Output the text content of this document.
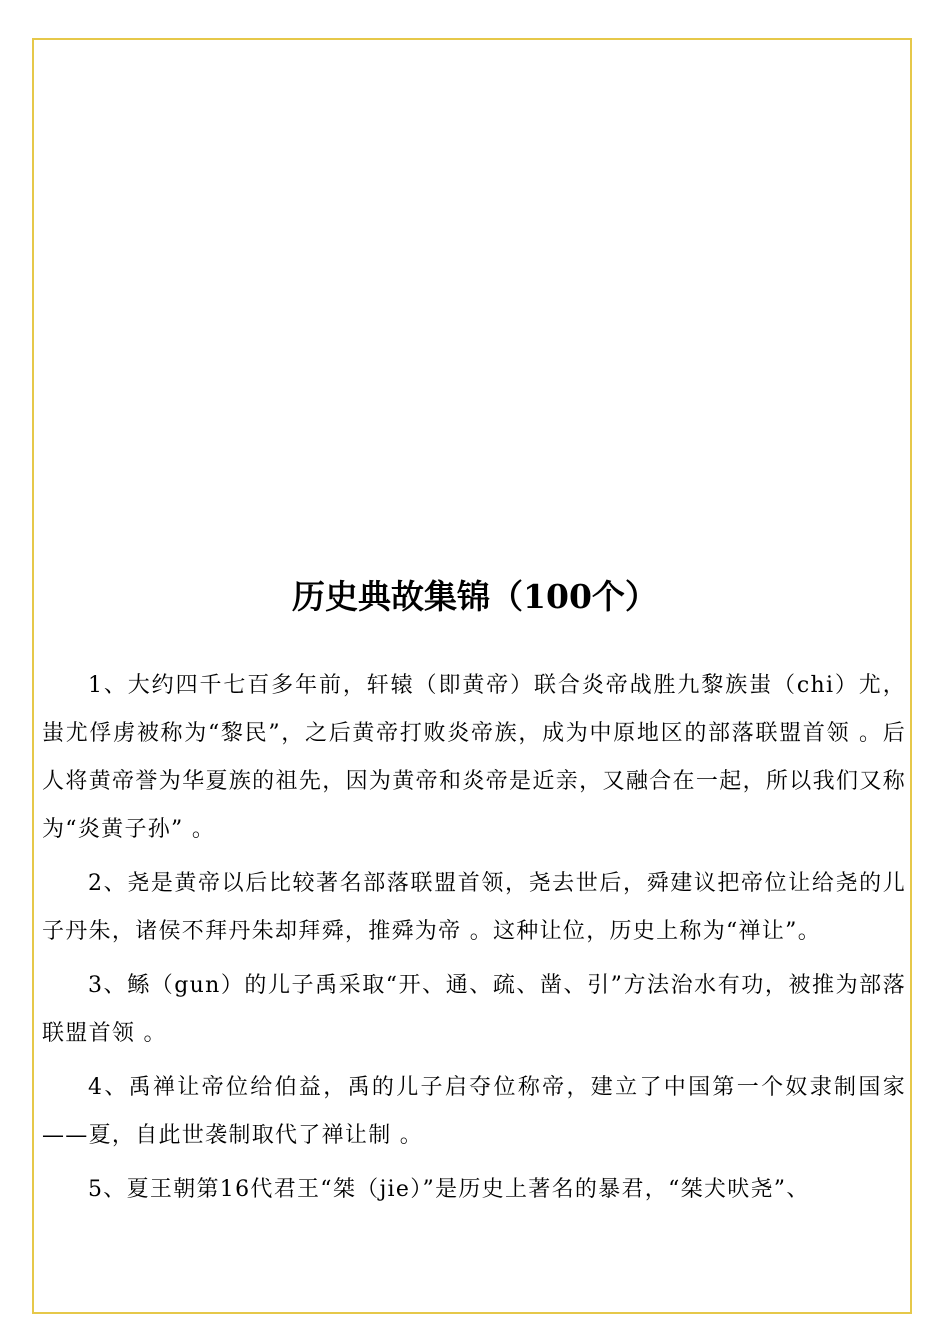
历史典故集锦（100个）

1、大约四千七百多年前，轩辕（即黄帝）联合炎帝战胜九黎族蚩（chi）尤，蚩尤俘虏被称为“黎民”，之后黄帝打败炎帝族，成为中原地区的部落联盟首领 。后人将黄帝誉为华夏族的祖先，因为黄帝和炎帝是近亲，又融合在一起，所以我们又称为“炎黄子孙” 。

2、尧是黄帝以后比较著名部落联盟首领，尧去世后，舜建议把帝位让给尧的儿子丹朱，诸侯不拜丹朱却拜舜，推舜为帝 。这种让位，历史上称为“禅让”。

3、鲧（gun）的儿子禹采取“开、通、疏、凿、引”方法治水有功，被推为部落联盟首领 。

4、禹禅让帝位给伯益，禹的儿子启夺位称帝，建立了中国第一个奴隶制国家——夏，自此世袭制取代了禅让制 。

5、夏王朝第16代君王“桀（jie）”是历史上著名的暴君，“桀犬吠尧”、
